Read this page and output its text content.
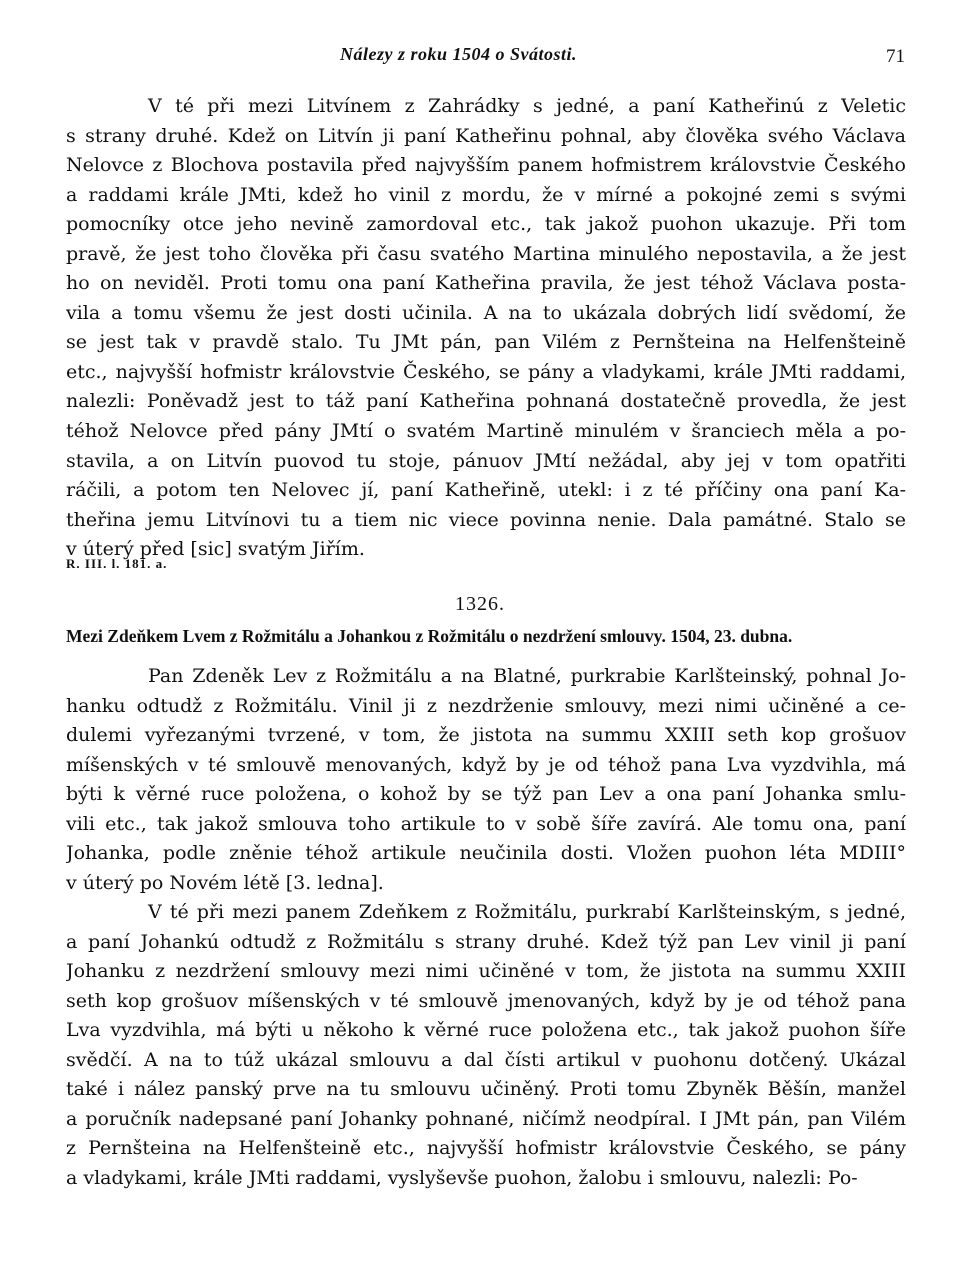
Nálezy z roku 1504 o Svátosti.	71
V té při mezi Litvínem z Zahrádky s jedné, a paní Katheřinú z Veletic
s strany druhé. Kdež on Litvín ji paní Katheřinu pohnal, aby člověka svého Václava
Nelovce z Blochova postavila před najvyšším panem hofmistrem královstvie Českého
a raddami krále JMti, kdež ho vinil z mordu, že v mírné a pokojné zemi s svými
pomocníky otce jeho nevině zamordoval etc., tak jakož puohon ukazuje. Při tom
pravě, že jest toho člověka při času svatého Martina minulého nepostavila, a že jest
ho on neviděl. Proti tomu ona paní Katheřina pravila, že jest téhož Václava posta-
vila a tomu všemu že jest dosti učinila. A na to ukázala dobrých lidí svědomí, že
se jest tak v pravdě stalo. Tu JMt pán, pan Vilém z Pernšteina na Helfenšteině
etc., najvyšší hofmistr královstvie Českého, se pány a vladykami, krále JMti raddami,
nalezli: Poněvadž jest to táž paní Katheřina pohnaná dostatečně provedla, že jest
téhož Nelovce před pány JMtí o svatém Martině minulém v šranciech měla a po-
stavila, a on Litvín puovod tu stoje, pánuov JMtí nežádal, aby jej v tom opatřiti
ráčili, a potom ten Nelovec jí, paní Katheřině, utekl: i z té příčiny ona paní Ka-
theřina jemu Litvínovi tu a tiem nic viece povinna nenie. Dala památné. Stalo se
v úterý před [sic] svatým Jiřím.
R. III. l. 181. a.
1326.
Mezi Zdeňkem Lvem z Rožmitálu a Johankou z Rožmitálu o nezdržení smlouvy. 1504, 23. dubna.
Pan Zdeněk Lev z Rožmitálu a na Blatné, purkrabie Karlšteinský, pohnal Jo-
hanku odtudž z Rožmitálu. Vinil ji z nezdrženie smlouvy, mezi nimi učiněné a ce-
dulemi vyřezanými tvrzené, v tom, že jistota na summu XXIII seth kop grošuov
míšenských v té smlouvě menovaných, když by je od téhož pana Lva vyzdvihla, má
býti k věrné ruce položena, o kohož by se týž pan Lev a ona paní Johanka smlu-
vili etc., tak jakož smlouva toho artikule to v sobě šíře zavírá. Ale tomu ona, paní
Johanka, podle zněnie téhož artikule neučinila dosti. Vložen puohon léta MDIII°
v úterý po Novém létě [3. ledna].
V té při mezi panem Zdeňkem z Rožmitálu, purkrabí Karlšteinským, s jedné,
a paní Johankú odtudž z Rožmitálu s strany druhé. Kdež týž pan Lev vinil ji paní
Johanku z nezdržení smlouvy mezi nimi učiněné v tom, že jistota na summu XXIII
seth kop grošuov míšenských v té smlouvě jmenovaných, když by je od téhož pana
Lva vyzdvihla, má býti u někoho k věrné ruce položena etc., tak jakož puohon šíře
svědčí. A na to túž ukázal smlouvu a dal čísti artikul v puohonu dotčený. Ukázal
také i nález panský prve na tu smlouvu učiněný. Proti tomu Zbyněk Běšín, manžel
a poručník nadepsané paní Johanky pohnané, ničímž neodpíral. I JMt pán, pan Vilém
z Pernšteina na Helfenšteině etc., najvyšší hofmistr královstvie Českého, se pány
a vladykami, krále JMti raddami, vyslyševše puohon, žalobu i smlouvu, nalezli: Po-
